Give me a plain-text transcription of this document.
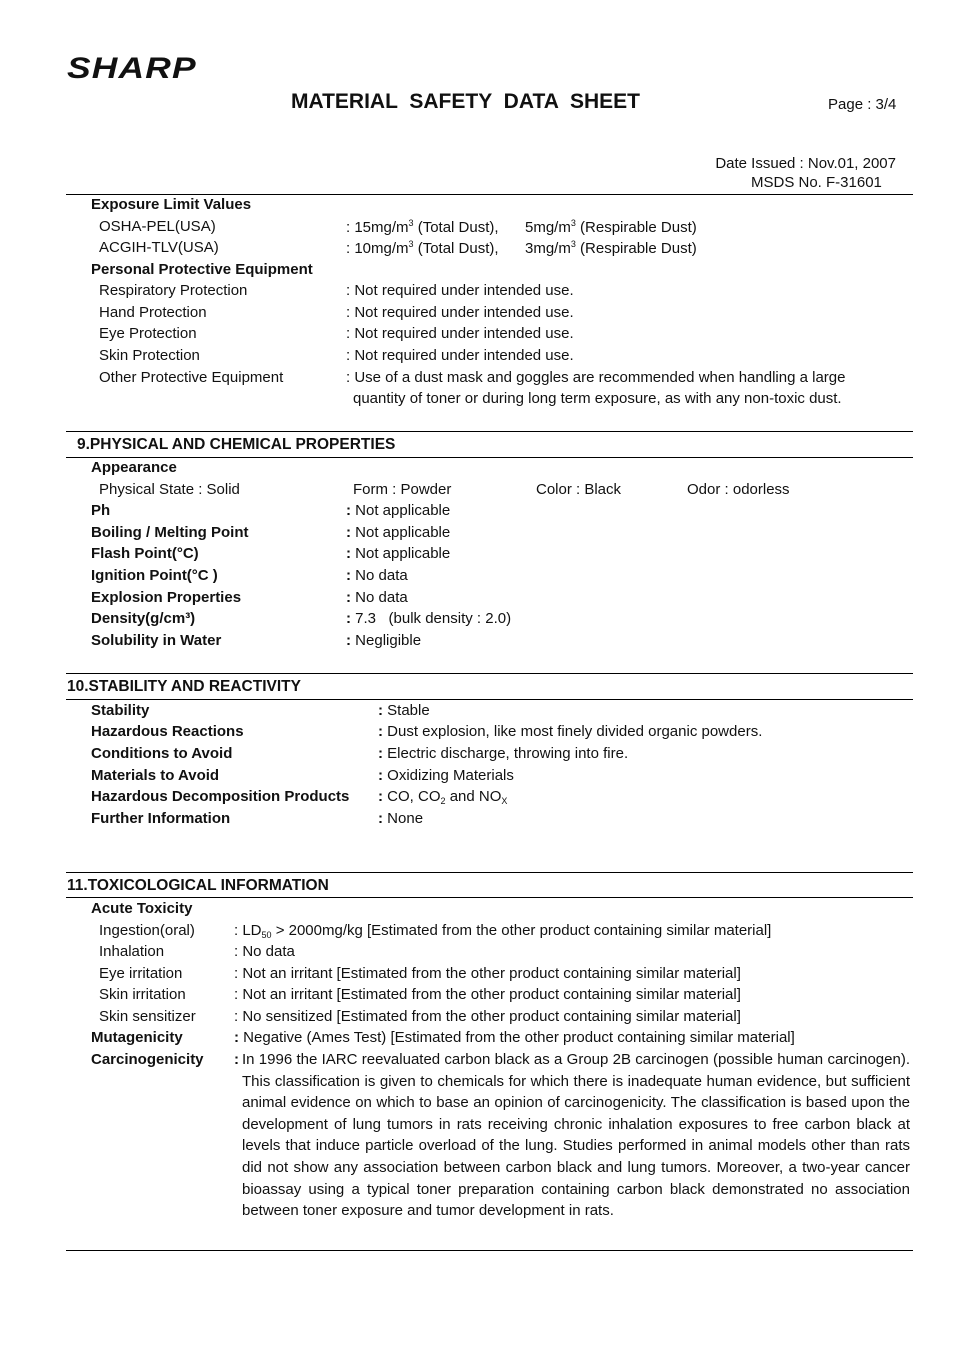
SHARP
MATERIAL SAFETY DATA SHEET	Page : 3/4
Date Issued : Nov.01, 2007
MSDS No. F-31601
Exposure Limit Values
OSHA-PEL(USA)	: $15mg/m^3$ (Total Dust), $5mg/m^3$ (Respirable Dust)
ACGIH-TLV(USA)	: $10mg/m^3$ (Total Dust), $3mg/m^3$ (Respirable Dust)
Personal Protective Equipment
Respiratory Protection	: Not required under intended use.
Hand Protection	: Not required under intended use.
Eye Protection	: Not required under intended use.
Skin Protection	: Not required under intended use.
Other Protective Equipment	: Use of a dust mask and goggles are recommended when handling a large
quantity of toner or during long term exposure, as with any non-toxic dust.
9.PHYSICAL AND CHEMICAL PROPERTIES
Appearance
Physical State : Solid	Form : Powder	Color : Black	Odor : odorless
Ph	: Not applicable
Boiling / Melting Point	: Not applicable
Flash Point(°C)	: Not applicable
Ignition Point(°C )	: No data
Explosion Properties	: No data
Density(g/cm³)	: 7.3   (bulk density : 2.0)
Solubility in Water	: Negligible
10.STABILITY AND REACTIVITY
Stability	: Stable
Hazardous Reactions	: Dust explosion, like most finely divided organic powders.
Conditions to Avoid	: Electric discharge, throwing into fire.
Materials to Avoid	: Oxidizing Materials
Hazardous Decomposition Products : CO, $CO_2$ and $NO_X$
Further Information	: None
11.TOXICOLOGICAL INFORMATION
Acute Toxicity
Ingestion(oral)	: $LD_{50} > 2000mg/kg$ [Estimated from the other product containing similar material]
Inhalation	: No data
Eye irritation	: Not an irritant [Estimated from the other product containing similar material]
Skin irritation	: Not an irritant [Estimated from the other product containing similar material]
Skin sensitizer	: No sensitized [Estimated from the other product containing similar material]
Mutagenicity	: Negative (Ames Test) [Estimated from the other product containing similar material]
Carcinogenicity : In 1996 the IARC reevaluated carbon black as a Group 2B carcinogen (possible human carcinogen). This classification is given to chemicals for which there is inadequate human evidence, but sufficient animal evidence on which to base an opinion of carcinogenicity. The classification is based upon the development of lung tumors in rats receiving chronic inhalation exposures to free carbon black at levels that induce particle overload of the lung. Studies performed in animal models other than rats did not show any association between carbon black and lung tumors. Moreover, a two-year cancer bioassay using a typical toner preparation containing carbon black demonstrated no association between toner exposure and tumor development in rats.
